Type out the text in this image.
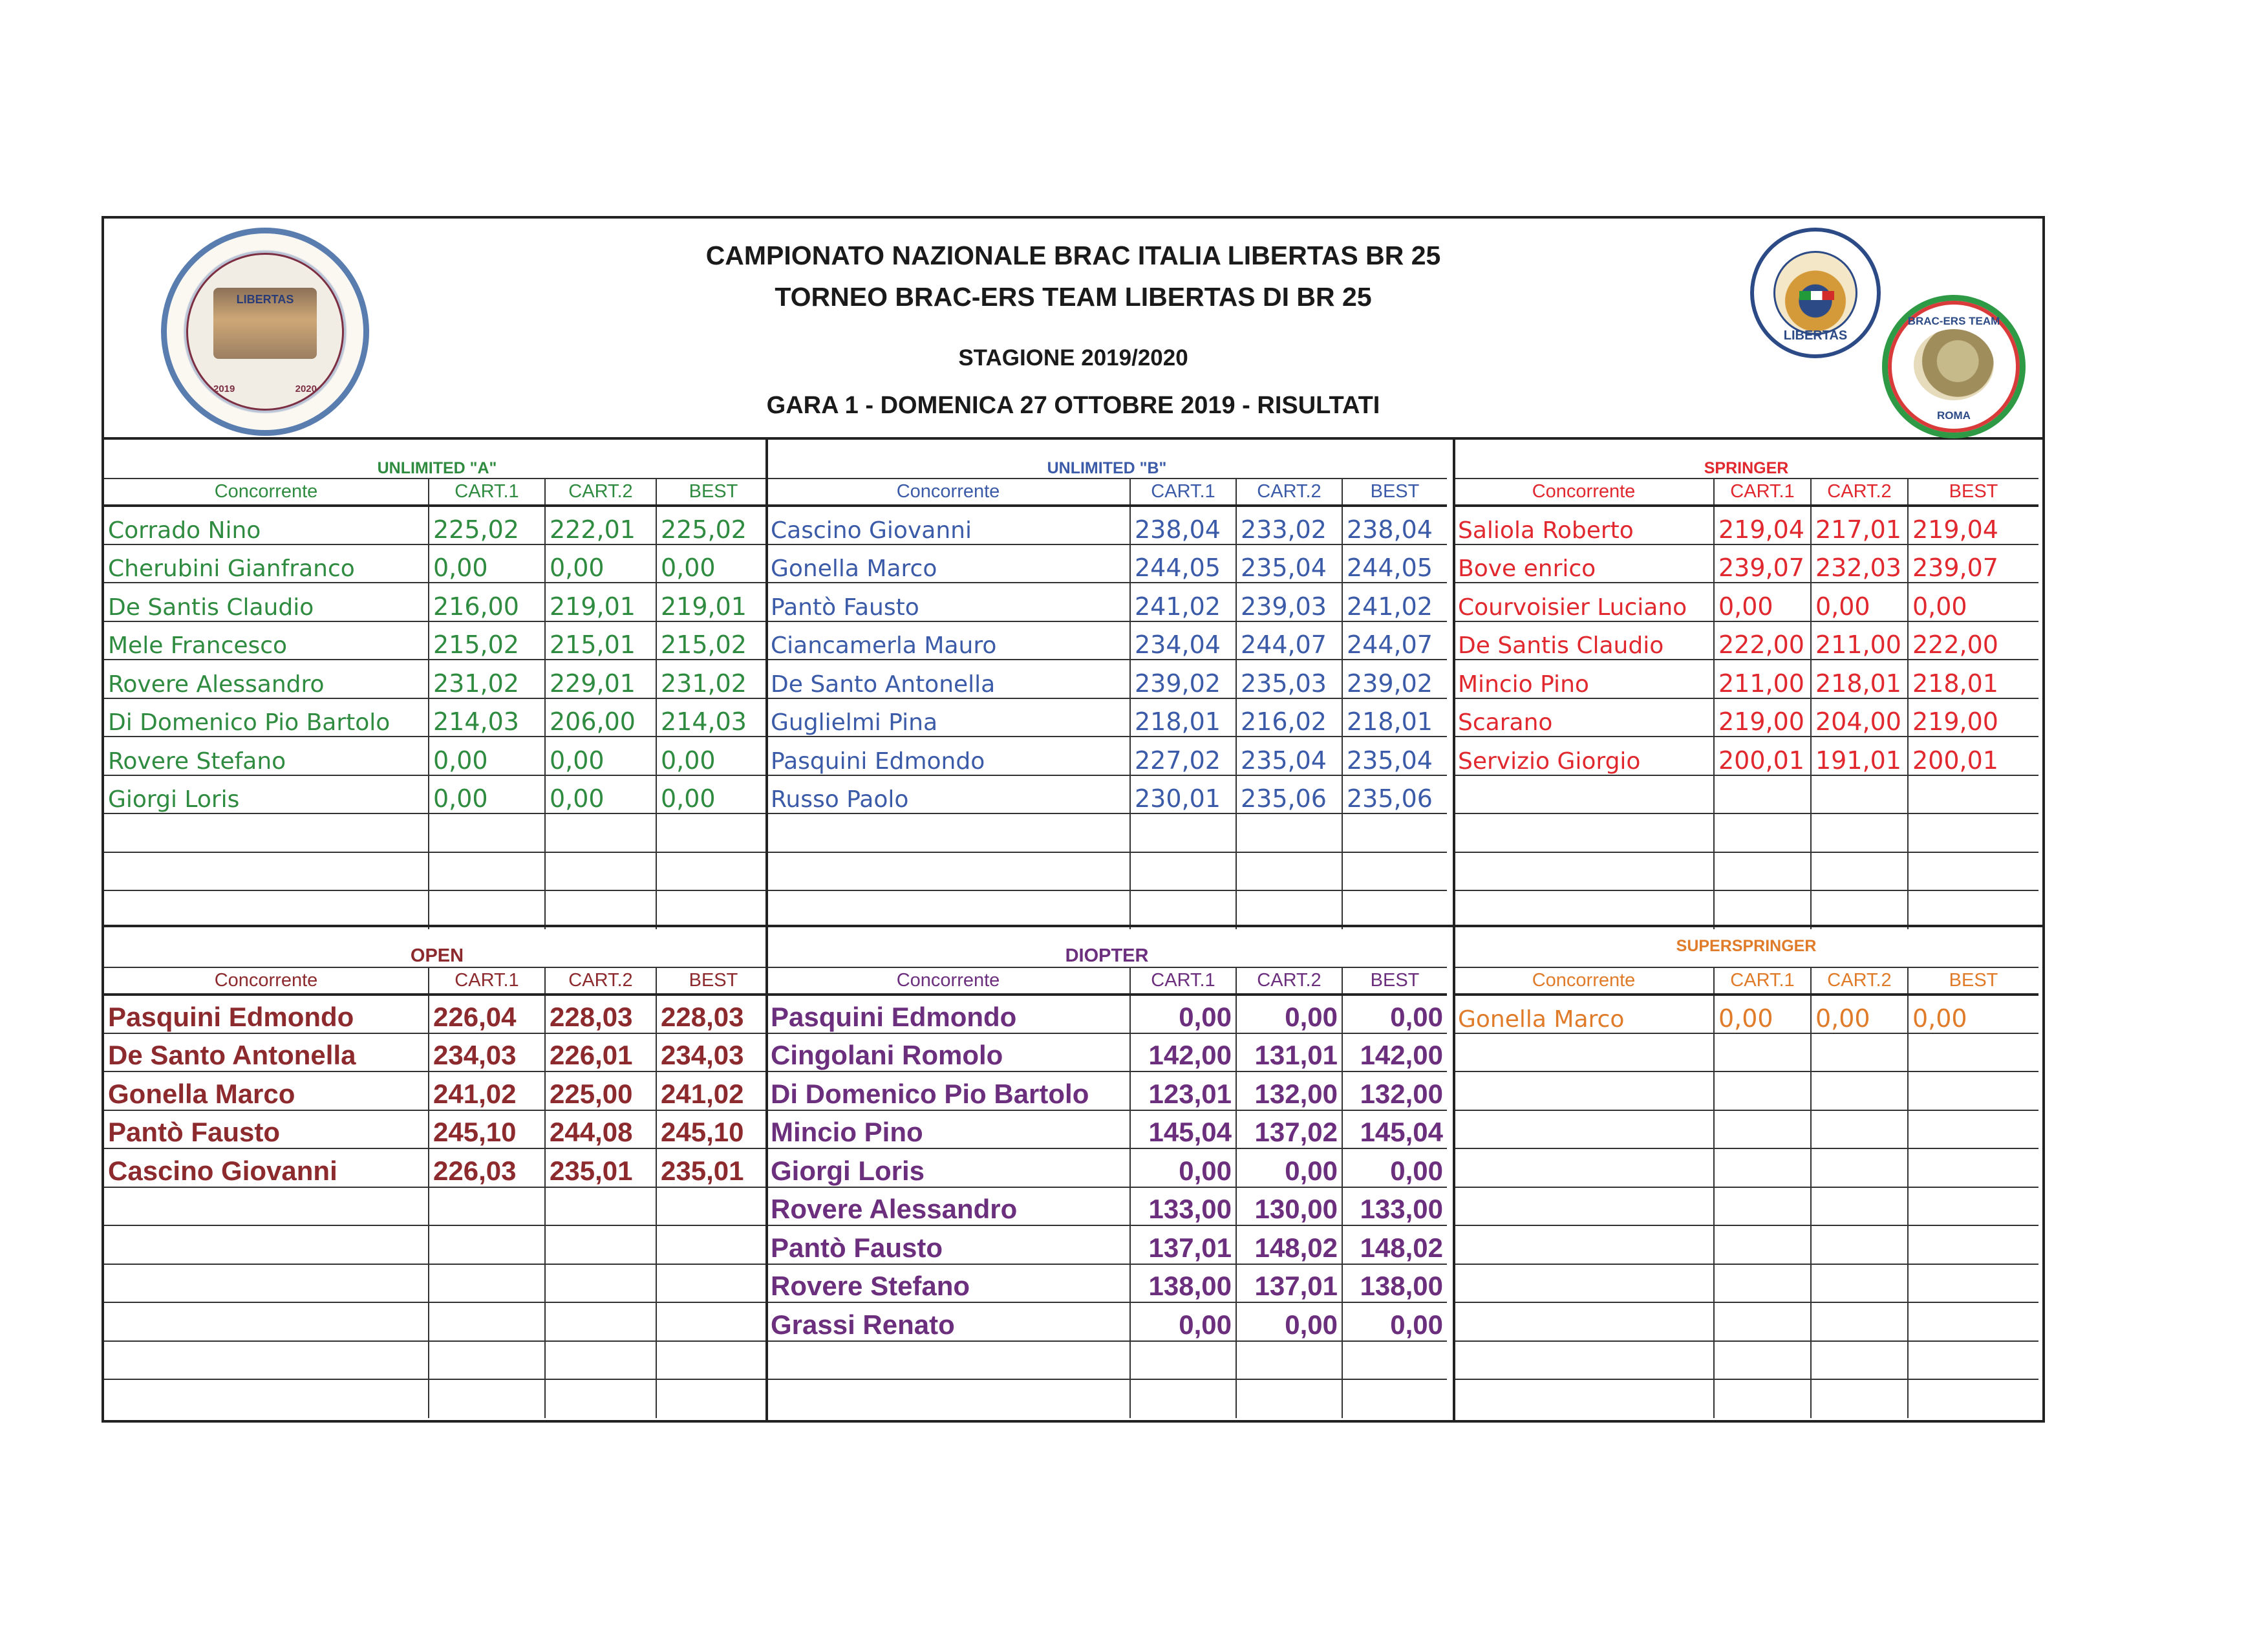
CAMPIONATO NAZIONALE BRAC ITALIA LIBERTAS BR 25
TORNEO BRAC-ERS TEAM LIBERTAS DI BR 25
STAGIONE 2019/2020
GARA 1 - DOMENICA 27 OTTOBRE 2019 - RISULTATI
LIBERTAS
2019	2020
LIBERTAS
BRAC-ERS TEAM
ROMA
UNLIMITED "A"			
Concorrente	CART.1	CART.2	BEST
Corrado Nino	225,02	222,01	225,02
Cherubini Gianfranco	0,00	0,00	0,00
De Santis Claudio	216,00	219,01	219,01
Mele Francesco	215,02	215,01	215,02
Rovere Alessandro	231,02	229,01	231,02
Di Domenico Pio Bartolo	214,03	206,00	214,03
Rovere Stefano	0,00	0,00	0,00
Giorgi Loris	0,00	0,00	0,00

UNLIMITED "B"			
Concorrente	CART.1	CART.2	BEST
Cascino Giovanni	238,04	233,02	238,04
Gonella Marco	244,05	235,04	244,05
Pantò Fausto	241,02	239,03	241,02
Ciancamerla Mauro	234,04	244,07	244,07
De Santo Antonella	239,02	235,03	239,02
Guglielmi Pina	218,01	216,02	218,01
Pasquini Edmondo	227,02	235,04	235,04
Russo Paolo	230,01	235,06	235,06

SPRINGER			
Concorrente	CART.1	CART.2	BEST
Saliola Roberto	219,04	217,01	219,04
Bove enrico	239,07	232,03	239,07
Courvoisier Luciano	0,00	0,00	0,00
De Santis Claudio	222,00	211,00	222,00
Mincio Pino	211,00	218,01	218,01
Scarano	219,00	204,00	219,00
Servizio Giorgio	200,01	191,01	200,01

OPEN			
Concorrente	CART.1	CART.2	BEST
Pasquini Edmondo	226,04	228,03	228,03
De Santo Antonella	234,03	226,01	234,03
Gonella Marco	241,02	225,00	241,02
Pantò Fausto	245,10	244,08	245,10
Cascino Giovanni	226,03	235,01	235,01

DIOPTER			
Concorrente	CART.1	CART.2	BEST
Pasquini Edmondo	0,00	0,00	0,00
Cingolani Romolo	142,00	131,01	142,00
Di Domenico Pio Bartolo	123,01	132,00	132,00
Mincio Pino	145,04	137,02	145,04
Giorgi Loris	0,00	0,00	0,00
Rovere Alessandro	133,00	130,00	133,00
Pantò Fausto	137,01	148,02	148,02
Rovere Stefano	138,00	137,01	138,00
Grassi Renato	0,00	0,00	0,00

SUPERSPRINGER			
Concorrente	CART.1	CART.2	BEST
Gonella Marco	0,00	0,00	0,00
